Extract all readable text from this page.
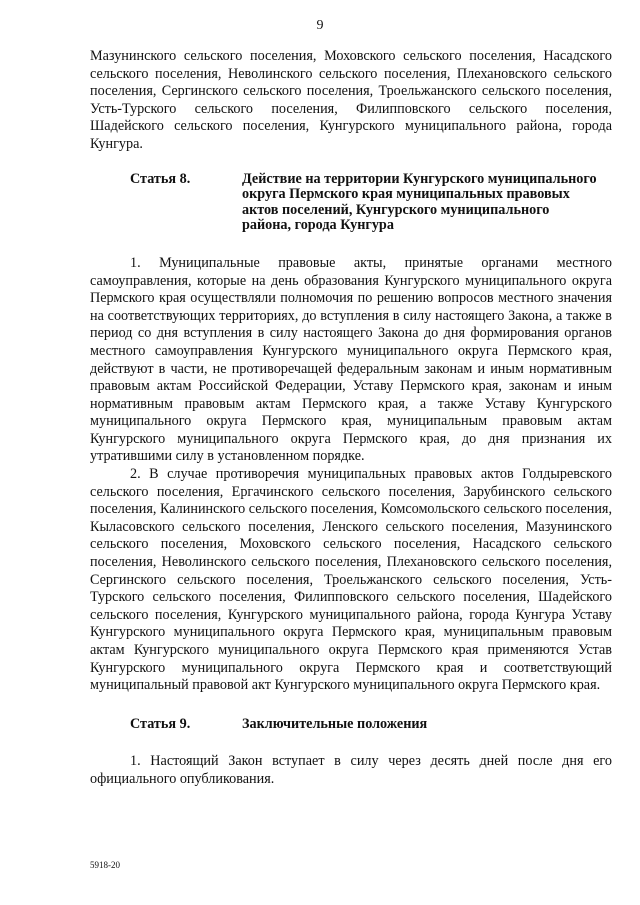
9

Мазунинского сельского поселения, Моховского сельского поселения, Насадского сельского поселения, Неволинского сельского поселения, Плехановского сельского поселения, Сергинского сельского поселения, Троельжанского сельского поселения, Усть-Турского сельского поселения, Филипповского сельского поселения, Шадейского сельского поселения, Кунгурского муниципального района, города Кунгура.

Статья 8.	Действие на территории Кунгурского муниципального округа Пермского края муниципальных правовых актов поселений, Кунгурского муниципального района, города Кунгура

1. Муниципальные правовые акты, принятые органами местного самоуправления, которые на день образования Кунгурского муниципального округа Пермского края осуществляли полномочия по решению вопросов местного значения на соответствующих территориях, до вступления в силу настоящего Закона, а также в период со дня вступления в силу настоящего Закона до дня формирования органов местного самоуправления Кунгурского муниципального округа Пермского края, действуют в части, не противоречащей федеральным законам и иным нормативным правовым актам Российской Федерации, Уставу Пермского края, законам и иным нормативным правовым актам Пермского края, а также Уставу Кунгурского муниципального округа Пермского края, муниципальным правовым актам Кунгурского муниципального округа Пермского края, до дня признания их утратившими силу в установленном порядке.

2. В случае противоречия муниципальных правовых актов Голдыревского сельского поселения, Ергачинского сельского поселения, Зарубинского сельского поселения, Калининского сельского поселения, Комсомольского сельского поселения, Кыласовского сельского поселения, Ленского сельского поселения, Мазунинского сельского поселения, Моховского сельского поселения, Насадского сельского поселения, Неволинского сельского поселения, Плехановского сельского поселения, Сергинского сельского поселения, Троельжанского сельского поселения, Усть-Турского сельского поселения, Филипповского сельского поселения, Шадейского сельского поселения, Кунгурского муниципального района, города Кунгура Уставу Кунгурского муниципального округа Пермского края, муниципальным правовым актам Кунгурского муниципального округа Пермского края применяются Устав Кунгурского муниципального округа Пермского края и соответствующий муниципальный правовой акт Кунгурского муниципального округа Пермского края.

Статья 9.	Заключительные положения

1. Настоящий Закон вступает в силу через десять дней после дня его официального опубликования.

5918-20
